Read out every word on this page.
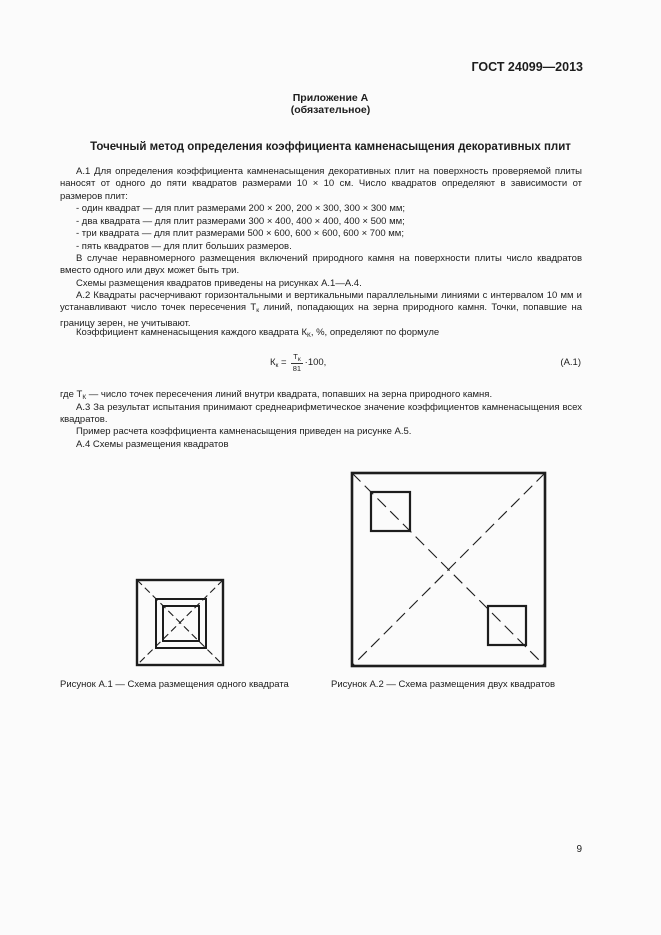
ГОСТ 24099—2013
Приложение А
(обязательное)
Точечный метод определения коэффициента камненасыщения декоративных плит
А.1 Для определения коэффициента камненасыщения декоративных плит на поверхность проверяемой плиты наносят от одного до пяти квадратов размерами 10 × 10 см. Число квадратов определяют в зависимости от размеров плит:
- один квадрат — для плит размерами 200 × 200, 200 × 300, 300 × 300 мм;
- два квадрата — для плит размерами 300 × 400, 400 × 400, 400 × 500 мм;
- три квадрата — для плит размерами 500 × 600, 600 × 600, 600 × 700 мм;
- пять квадратов — для плит больших размеров.
В случае неравномерного размещения включений природного камня на поверхности плиты число квадратов вместо одного или двух может быть три.
Схемы размещения квадратов приведены на рисунках А.1—А.4.
А.2 Квадраты расчерчивают горизонтальными и вертикальными параллельными линиями с интервалом 10 мм и устанавливают число точек пересечения $Т_к$ линий, попадающих на зерна природного камня. Точки, попавшие на границу зерен, не учитывают.
Коэффициент камненасыщения каждого квадрата $К_К$, %, определяют по формуле
$К_к = \frac{Т_к}{81} \cdot 100$,	(А.1)
где $Т_К$ — число точек пересечения линий внутри квадрата, попавших на зерна природного камня.
А.3 За результат испытания принимают среднеарифметическое значение коэффициентов камненасыщения всех квадратов.
Пример расчета коэффициента камненасыщения приведен на рисунке А.5.
А.4 Схемы размещения квадратов
Рисунок А.1 — Схема размещения одного квадрата	Рисунок А.2 — Схема размещения двух квадратов
9
